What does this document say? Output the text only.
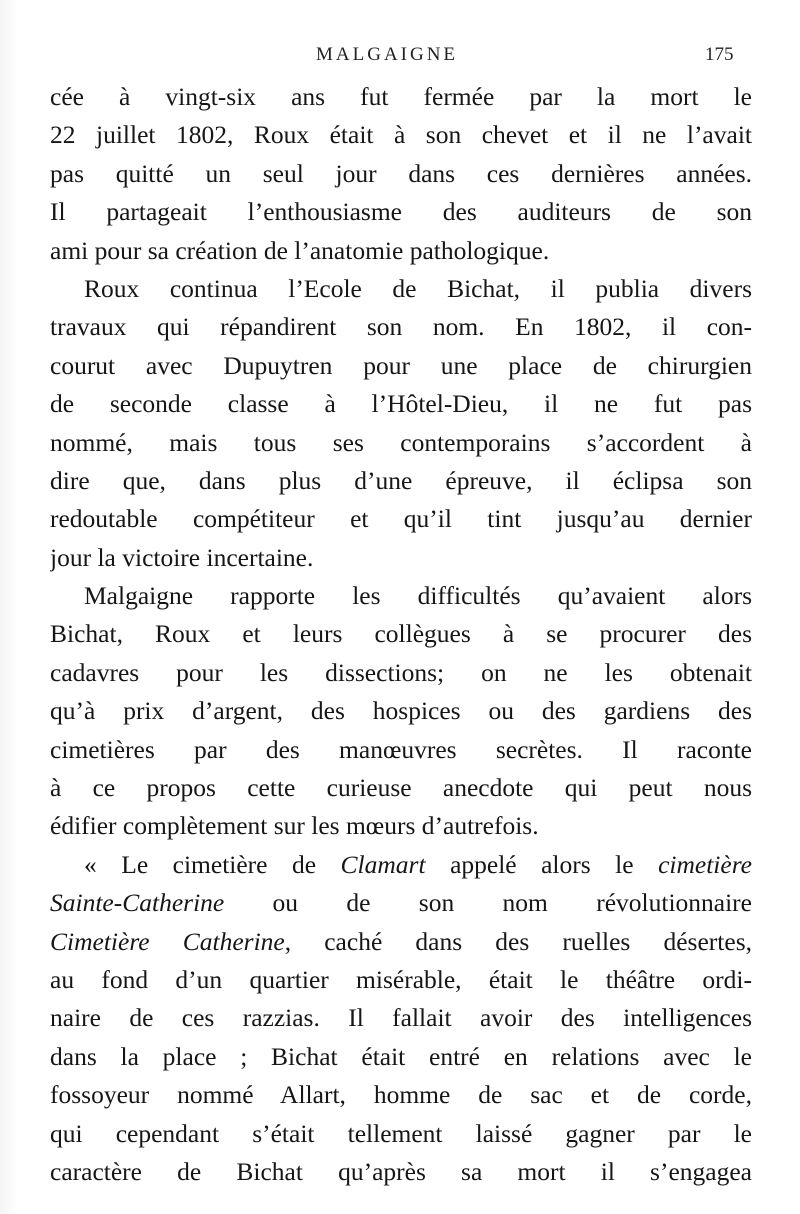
MALGAIGNE	175
cée à vingt-six ans fut fermée par la mort le
22 juillet 1802, Roux était à son chevet et il ne l’avait
pas quitté un seul jour dans ces dernières années.
Il partageait l’enthousiasme des auditeurs de son
ami pour sa création de l’anatomie pathologique.
Roux continua l’Ecole de Bichat, il publia divers
travaux qui répandirent son nom. En 1802, il con-
courut avec Dupuytren pour une place de chirurgien
de seconde classe à l’Hôtel-Dieu, il ne fut pas
nommé, mais tous ses contemporains s’accordent à
dire que, dans plus d’une épreuve, il éclipsa son
redoutable compétiteur et qu’il tint jusqu’au dernier
jour la victoire incertaine.
Malgaigne rapporte les difficultés qu’avaient alors
Bichat, Roux et leurs collègues à se procurer des
cadavres pour les dissections; on ne les obtenait
qu’à prix d’argent, des hospices ou des gardiens des
cimetières par des manœuvres secrètes. Il raconte
à ce propos cette curieuse anecdote qui peut nous
édifier complètement sur les mœurs d’autrefois.
« Le cimetière de Clamart appelé alors le cimetière
Sainte-Catherine ou de son nom révolutionnaire
Cimetière Catherine, caché dans des ruelles désertes,
au fond d’un quartier misérable, était le théâtre ordi-
naire de ces razzias. Il fallait avoir des intelligences
dans la place ; Bichat était entré en relations avec le
fossoyeur nommé Allart, homme de sac et de corde,
qui cependant s’était tellement laissé gagner par le
caractère de Bichat qu’après sa mort il s’engagea
